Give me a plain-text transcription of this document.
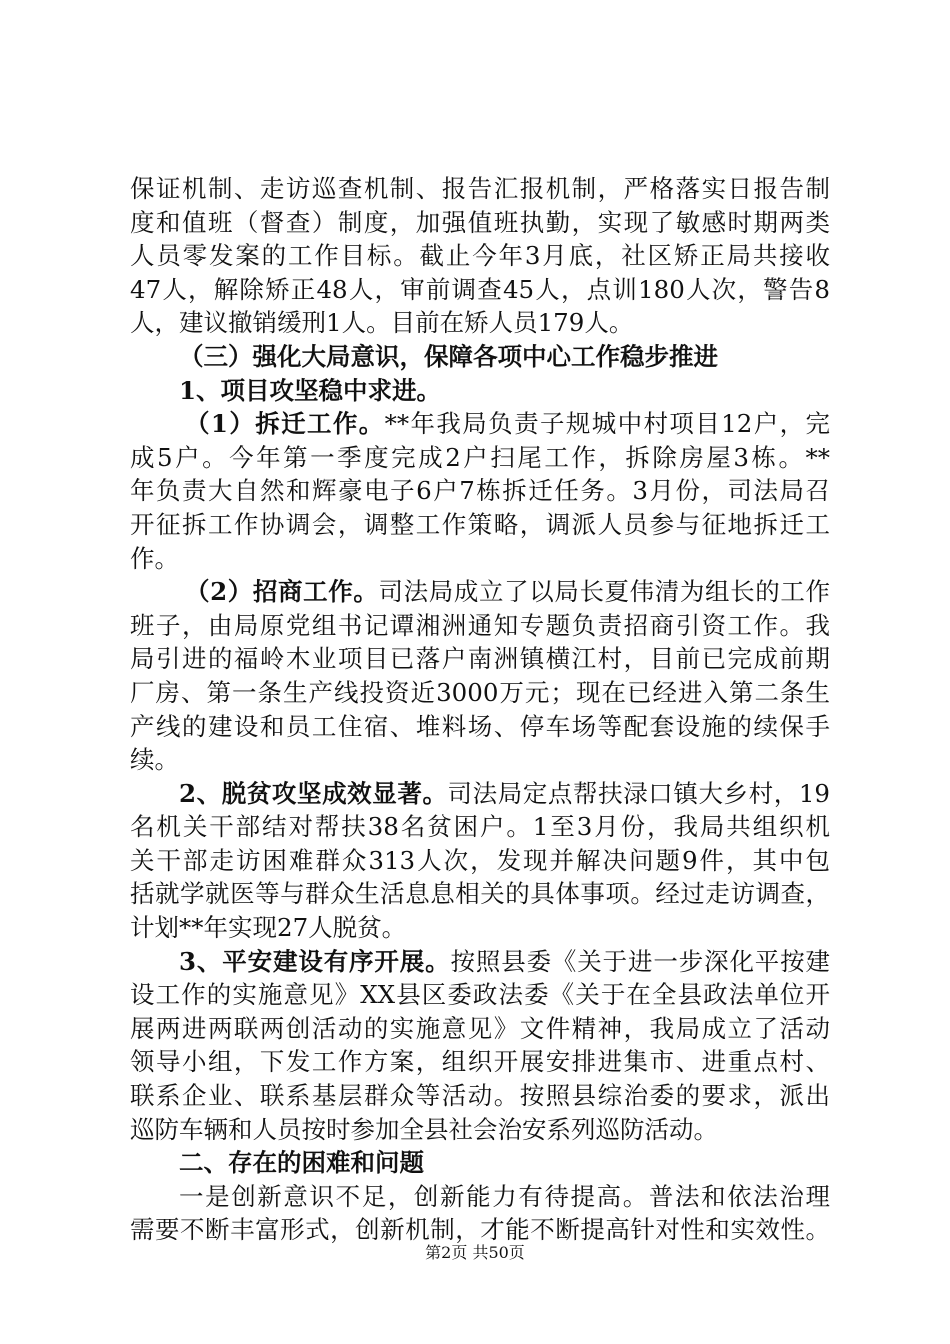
保证机制、走访巡查机制、报告汇报机制，严格落实日报告制
度和值班（督查）制度，加强值班执勤，实现了敏感时期两类
人员零发案的工作目标。截止今年3月底，社区矫正局共接收
47人，解除矫正48人，审前调查45人，点训180人次，警告8
人，建议撤销缓刑1人。目前在矫人员179人。
（三）强化大局意识，保障各项中心工作稳步推进
1、项目攻坚稳中求进。
（1）拆迁工作。**年我局负责子规城中村项目12户，完
成5户。今年第一季度完成2户扫尾工作，拆除房屋3栋。**
年负责大自然和辉豪电子6户7栋拆迁任务。3月份，司法局召
开征拆工作协调会，调整工作策略，调派人员参与征地拆迁工
作。
（2）招商工作。司法局成立了以局长夏伟清为组长的工作
班子，由局原党组书记谭湘洲通知专题负责招商引资工作。我
局引进的福岭木业项目已落户南洲镇横江村，目前已完成前期
厂房、第一条生产线投资近3000万元；现在已经进入第二条生
产线的建设和员工住宿、堆料场、停车场等配套设施的续保手
续。
2、脱贫攻坚成效显著。司法局定点帮扶渌口镇大乡村，19
名机关干部结对帮扶38名贫困户。1至3月份，我局共组织机
关干部走访困难群众313人次，发现并解决问题9件，其中包
括就学就医等与群众生活息息相关的具体事项。经过走访调查，
计划**年实现27人脱贫。
3、平安建设有序开展。按照县委《关于进一步深化平按建
设工作的实施意见》XX县区委政法委《关于在全县政法单位开
展两进两联两创活动的实施意见》文件精神，我局成立了活动
领导小组，下发工作方案，组织开展安排进集市、进重点村、
联系企业、联系基层群众等活动。按照县综治委的要求，派出
巡防车辆和人员按时参加全县社会治安系列巡防活动。
二、存在的困难和问题
一是创新意识不足，创新能力有待提高。普法和依法治理
需要不断丰富形式，创新机制，才能不断提高针对性和实效性。
第2页 共50页
